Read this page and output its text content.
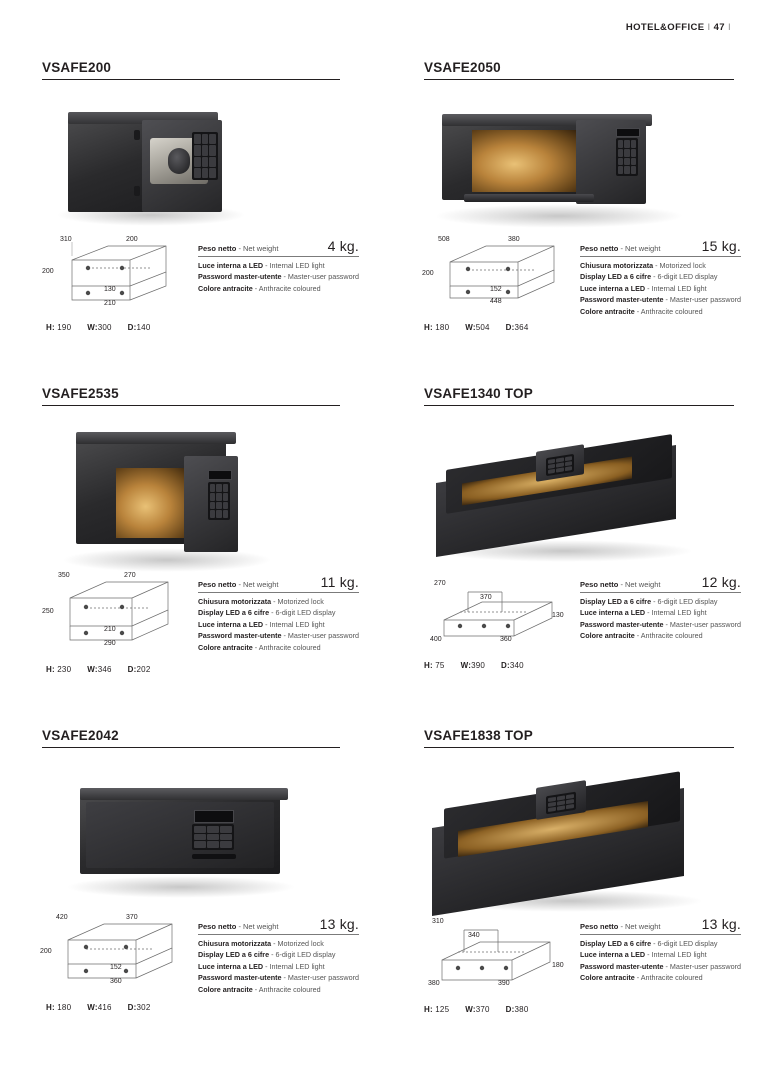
HOTEL&OFFICE I 47 I
VSAFE200
310	200
200
130
210
H: 190 W:300 D:140
Peso netto - Net weight	4 kg.
Luce interna a LED - Internal LED light
Password master-utente - Master-user password
Colore antracite - Anthracite coloured
VSAFE2050
508	380
200
152
448
H: 180 W:504 D:364
Peso netto - Net weight	15 kg.
Chiusura motorizzata - Motorized lock
Display LED a 6 cifre - 6-digit LED display
Luce interna a LED - Internal LED light
Password master-utente - Master-user password
Colore antracite - Anthracite coloured
VSAFE2535
350	270
250
210
290
H: 230 W:346 D:202
Peso netto - Net weight	11 kg.
Chiusura motorizzata - Motorized lock
Display LED a 6 cifre - 6-digit LED display
Luce interna a LED - Internal LED light
Password master-utente - Master-user password
Colore antracite - Anthracite coloured
VSAFE1340 TOP
270
370
400
130
360
H: 75 W:390 D:340
Peso netto - Net weight	12 kg.
Display LED a 6 cifre - 6-digit LED display
Luce interna a LED - Internal LED light
Password master-utente - Master-user password
Colore antracite - Anthracite coloured
VSAFE2042
420	370
200
152
360
H: 180 W:416 D:302
Peso netto - Net weight	13 kg.
Chiusura motorizzata - Motorized lock
Display LED a 6 cifre - 6-digit LED display
Luce interna a LED - Internal LED light
Password master-utente - Master-user password
Colore antracite - Anthracite coloured
VSAFE1838 TOP
310
340
380
180
390
H: 125 W:370 D:380
Peso netto - Net weight	13 kg.
Display LED a 6 cifre - 6-digit LED display
Luce interna a LED - Internal LED light
Password master-utente - Master-user password
Colore antracite - Anthracite coloured
